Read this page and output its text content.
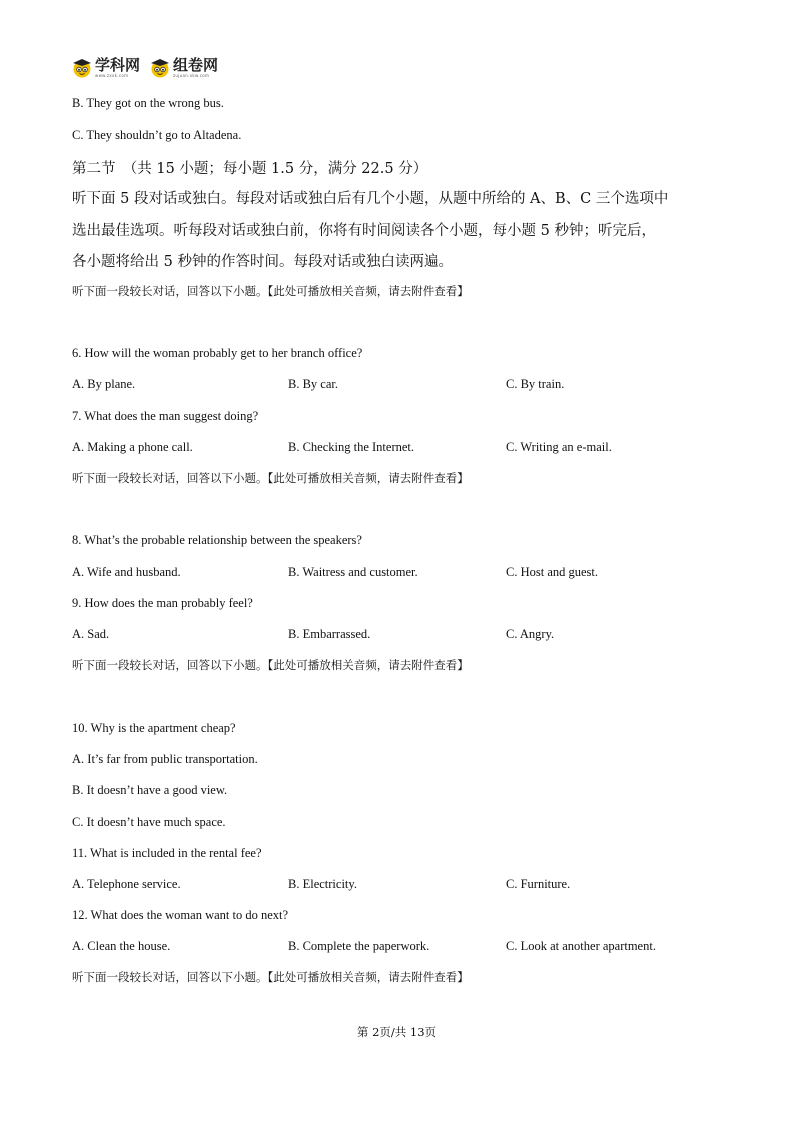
学科网
www.zxxk.com
组卷网
zujuan.xkw.com
B. They got on the wrong bus.
C. They shouldn’t go to Altadena.
第二节　（共 15 小题；每小题 1.5 分，满分 22.5 分）
听下面 5 段对话或独白。每段对话或独白后有几个小题，从题中所给的 A、B、C 三个选项中
选出最佳选项。听每段对话或独白前，你将有时间阅读各个小题，每小题 5 秒钟；听完后，
各小题将给出 5 秒钟的作答时间。每段对话或独白读两遍。
听下面一段较长对话，回答以下小题。【此处可播放相关音频，请去附件查看】
6. How will the woman probably get to her branch office?
A. By plane.	B. By car.	C. By train.
7. What does the man suggest doing?
A. Making a phone call.	B. Checking the Internet.	C. Writing an e-mail.
听下面一段较长对话，回答以下小题。【此处可播放相关音频，请去附件查看】
8. What’s the probable relationship between the speakers?
A. Wife and husband.	B. Waitress and customer.	C. Host and guest.
9. How does the man probably feel?
A. Sad.	B. Embarrassed.	C. Angry.
听下面一段较长对话，回答以下小题。【此处可播放相关音频，请去附件查看】
10. Why is the apartment cheap?
A. It’s far from public transportation.
B. It doesn’t have a good view.
C. It doesn’t have much space.
11. What is included in the rental fee?
A. Telephone service.	B. Electricity.	C. Furniture.
12. What does the woman want to do next?
A. Clean the house.	B. Complete the paperwork.	C. Look at another apartment.
听下面一段较长对话，回答以下小题。【此处可播放相关音频，请去附件查看】
第 2页/共 13页
